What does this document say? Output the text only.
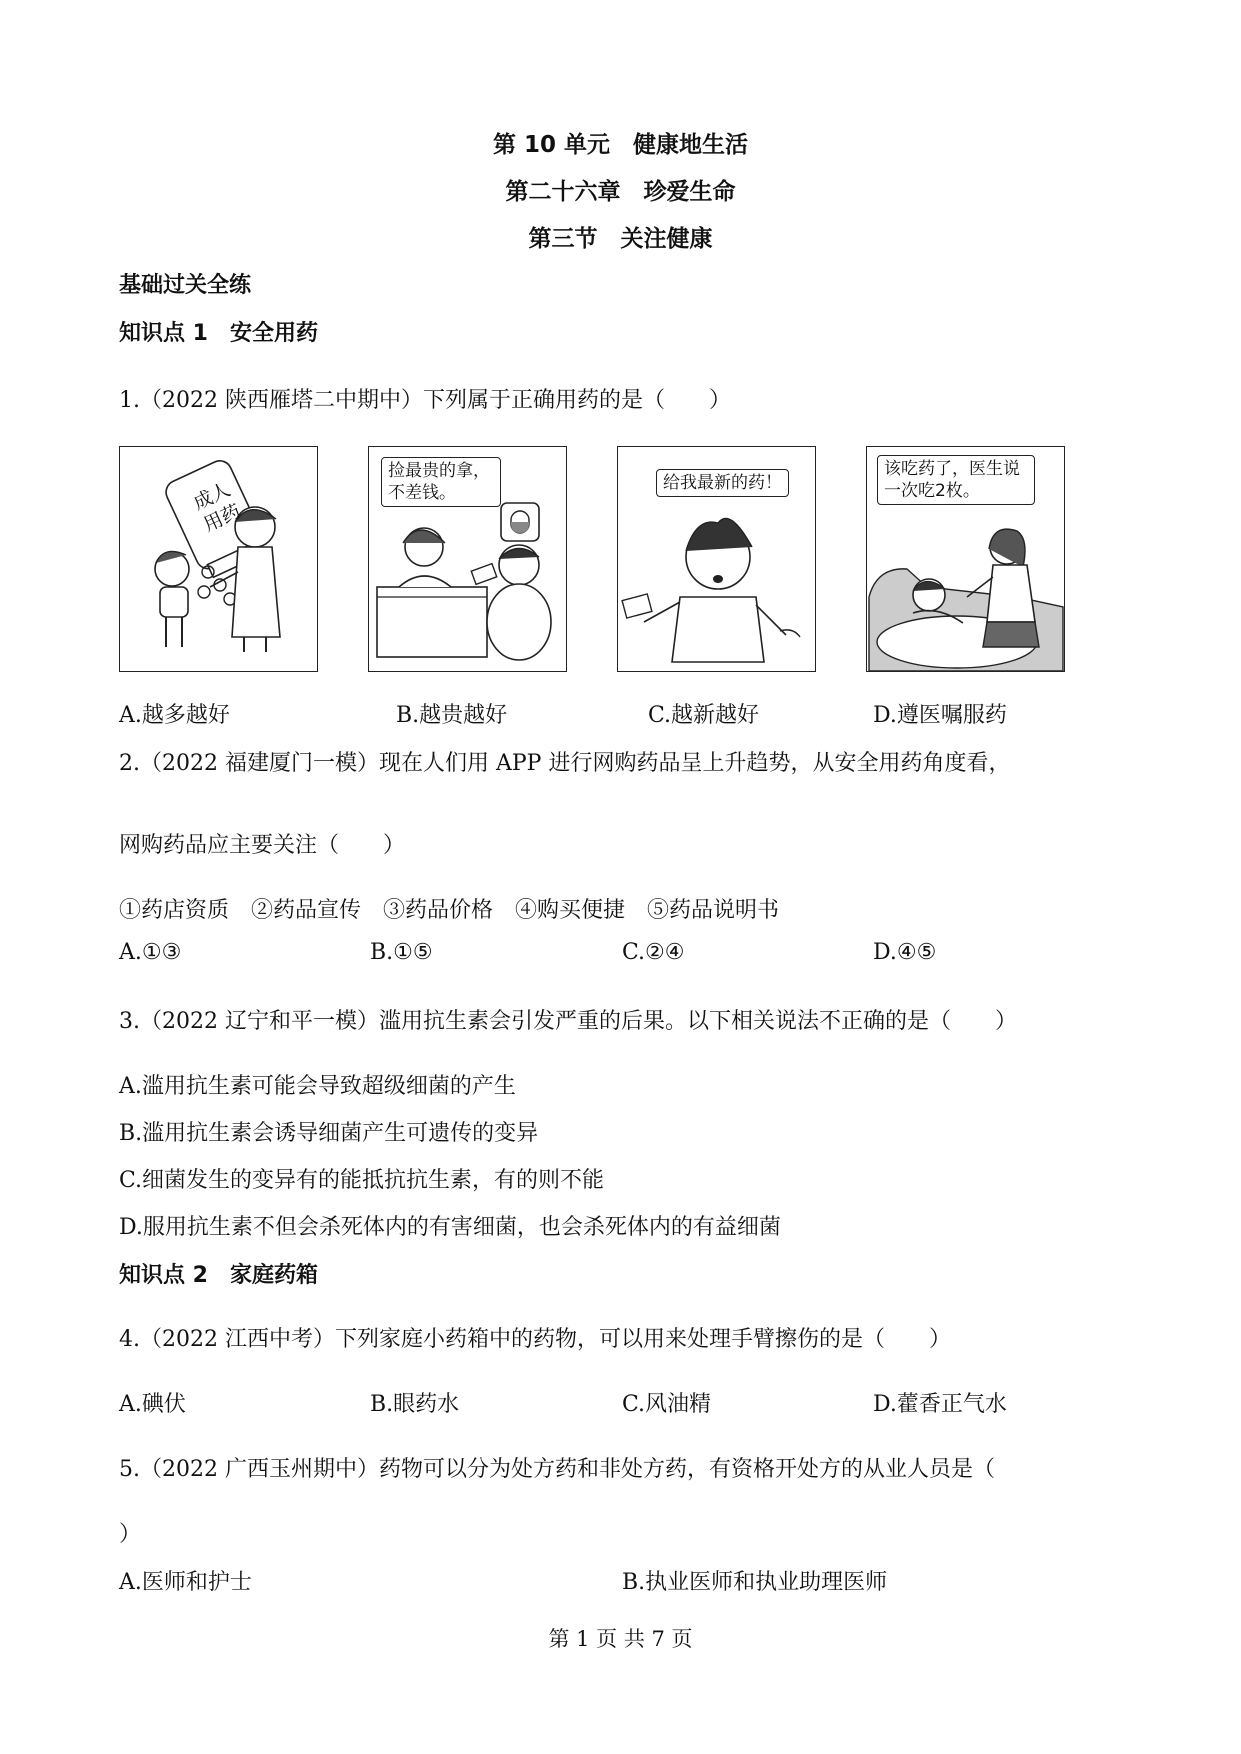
第 10 单元　健康地生活
第二十六章　珍爱生命
第三节　关注健康
基础过关全练
知识点 1　安全用药
1.（2022 陕西雁塔二中期中）下列属于正确用药的是（　　）
成人用药
捡最贵的拿，不差钱。	给我最新的药！
该吃药了，医生说一次吃2枚。
A.越多越好	B.越贵越好	C.越新越好	D.遵医嘱服药
2.（2022 福建厦门一模）现在人们用 APP 进行网购药品呈上升趋势，从安全用药角度看，
网购药品应主要关注（　　）
①药店资质　②药品宣传　③药品价格　④购买便捷　⑤药品说明书
A.①③	B.①⑤	C.②④	D.④⑤
3.（2022 辽宁和平一模）滥用抗生素会引发严重的后果。以下相关说法不正确的是（　　）
A.滥用抗生素可能会导致超级细菌的产生
B.滥用抗生素会诱导细菌产生可遗传的变异
C.细菌发生的变异有的能抵抗抗生素，有的则不能
D.服用抗生素不但会杀死体内的有害细菌，也会杀死体内的有益细菌
知识点 2　家庭药箱
4.（2022 江西中考）下列家庭小药箱中的药物，可以用来处理手臂擦伤的是（　　）
A.碘伏	B.眼药水	C.风油精	D.藿香正气水
5.（2022 广西玉州期中）药物可以分为处方药和非处方药，有资格开处方的从业人员是（
）
A.医师和护士	B.执业医师和执业助理医师
第 1 页 共 7 页
